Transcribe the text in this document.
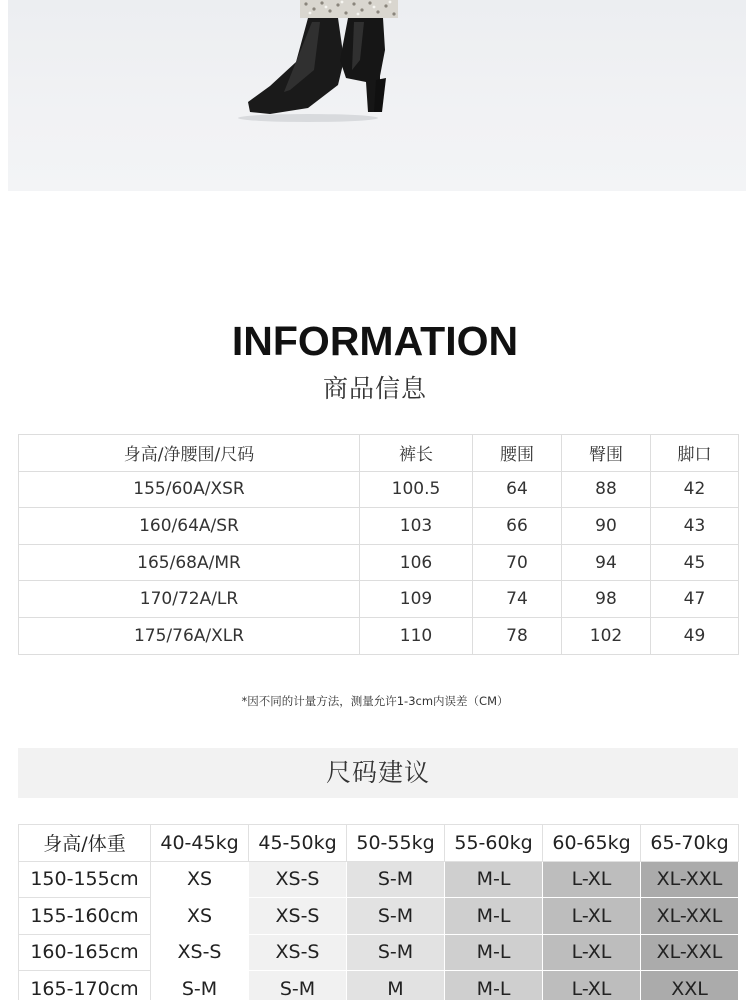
INFORMATION
商品信息
身高/净腰围/尺码	裤长	腰围	臀围	脚口
155/60A/XSR	100.5	64	88	42
160/64A/SR	103	66	90	43
165/68A/MR	106	70	94	45
170/72A/LR	109	74	98	47
175/76A/XLR	110	78	102	49
*因不同的计量方法，测量允许1-3cm内误差（CM）
尺码建议
身高/体重	40-45kg	45-50kg	50-55kg	55-60kg	60-65kg	65-70kg
150-155cm	XS	XS-S	S-M	M-L	L-XL	XL-XXL
155-160cm	XS	XS-S	S-M	M-L	L-XL	XL-XXL
160-165cm	XS-S	XS-S	S-M	M-L	L-XL	XL-XXL
165-170cm	S-M	S-M	M	M-L	L-XL	XXL
